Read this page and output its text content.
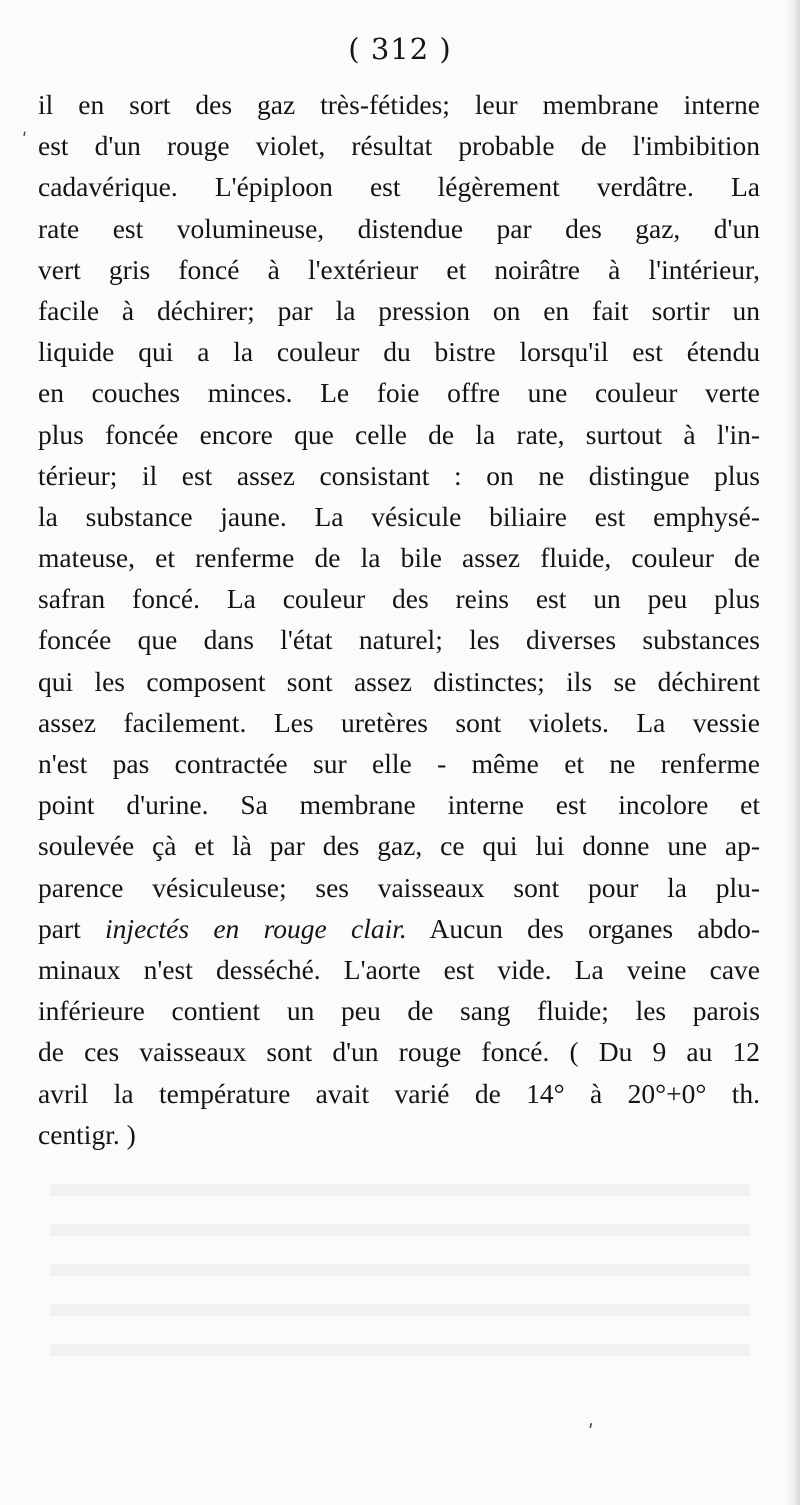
( 312 )
il en sort des gaz très-fétides; leur membrane interne
est d'un rouge violet, résultat probable de l'imbibition
cadavérique. L'épiploon est légèrement verdâtre. La
rate est volumineuse, distendue par des gaz, d'un
vert gris foncé à l'extérieur et noirâtre à l'intérieur,
facile à déchirer; par la pression on en fait sortir un
liquide qui a la couleur du bistre lorsqu'il est étendu
en couches minces. Le foie offre une couleur verte
plus foncée encore que celle de la rate, surtout à l'in-
térieur; il est assez consistant : on ne distingue plus
la substance jaune. La vésicule biliaire est emphysé-
mateuse, et renferme de la bile assez fluide, couleur de
safran foncé. La couleur des reins est un peu plus
foncée que dans l'état naturel; les diverses substances
qui les composent sont assez distinctes; ils se déchirent
assez facilement. Les uretères sont violets. La vessie
n'est pas contractée sur elle - même et ne renferme
point d'urine. Sa membrane interne est incolore et
soulevée çà et là par des gaz, ce qui lui donne une ap-
parence vésiculeuse; ses vaisseaux sont pour la plu-
part injectés en rouge clair. Aucun des organes abdo-
minaux n'est desséché. L'aorte est vide. La veine cave
inférieure contient un peu de sang fluide; les parois
de ces vaisseaux sont d'un rouge foncé. ( Du 9 au 12
avril la température avait varié de 14° à 20°+0° th.
centigr. )
ʹ
ʹ
